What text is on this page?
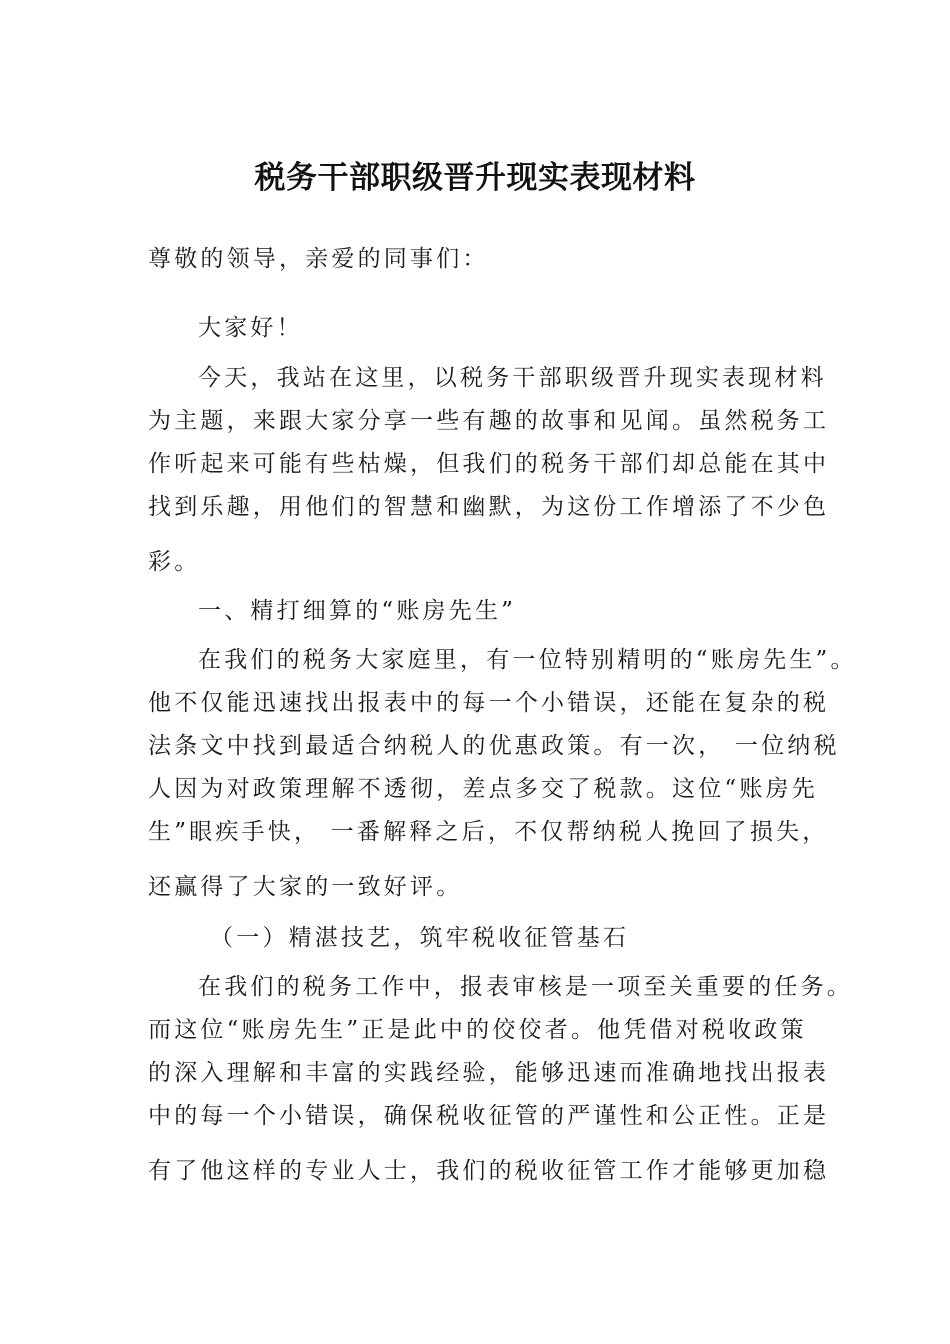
税务干部职级晋升现实表现材料

尊敬的领导，亲爱的同事们：

大家好！

今天，我站在这里，以税务干部职级晋升现实表现材料

为主题，来跟大家分享一些有趣的故事和见闻。虽然税务工

作听起来可能有些枯燥，但我们的税务干部们却总能在其中

找到乐趣，用他们的智慧和幽默，为这份工作增添了不少色

彩。

一、精打细算的“账房先生”

在我们的税务大家庭里，有一位特别精明的“账房先生”。

他不仅能迅速找出报表中的每一个小错误，还能在复杂的税

法条文中找到最适合纳税人的优惠政策。有一次， 一位纳税

人因为对政策理解不透彻，差点多交了税款。这位“账房先

生”眼疾手快， 一番解释之后，不仅帮纳税人挽回了损失，

还赢得了大家的一致好评。

（一）精湛技艺，筑牢税收征管基石

在我们的税务工作中，报表审核是一项至关重要的任务。

而这位“账房先生”正是此中的佼佼者。他凭借对税收政策

的深入理解和丰富的实践经验，能够迅速而准确地找出报表

中的每一个小错误，确保税收征管的严谨性和公正性。正是

有了他这样的专业人士，我们的税收征管工作才能够更加稳
